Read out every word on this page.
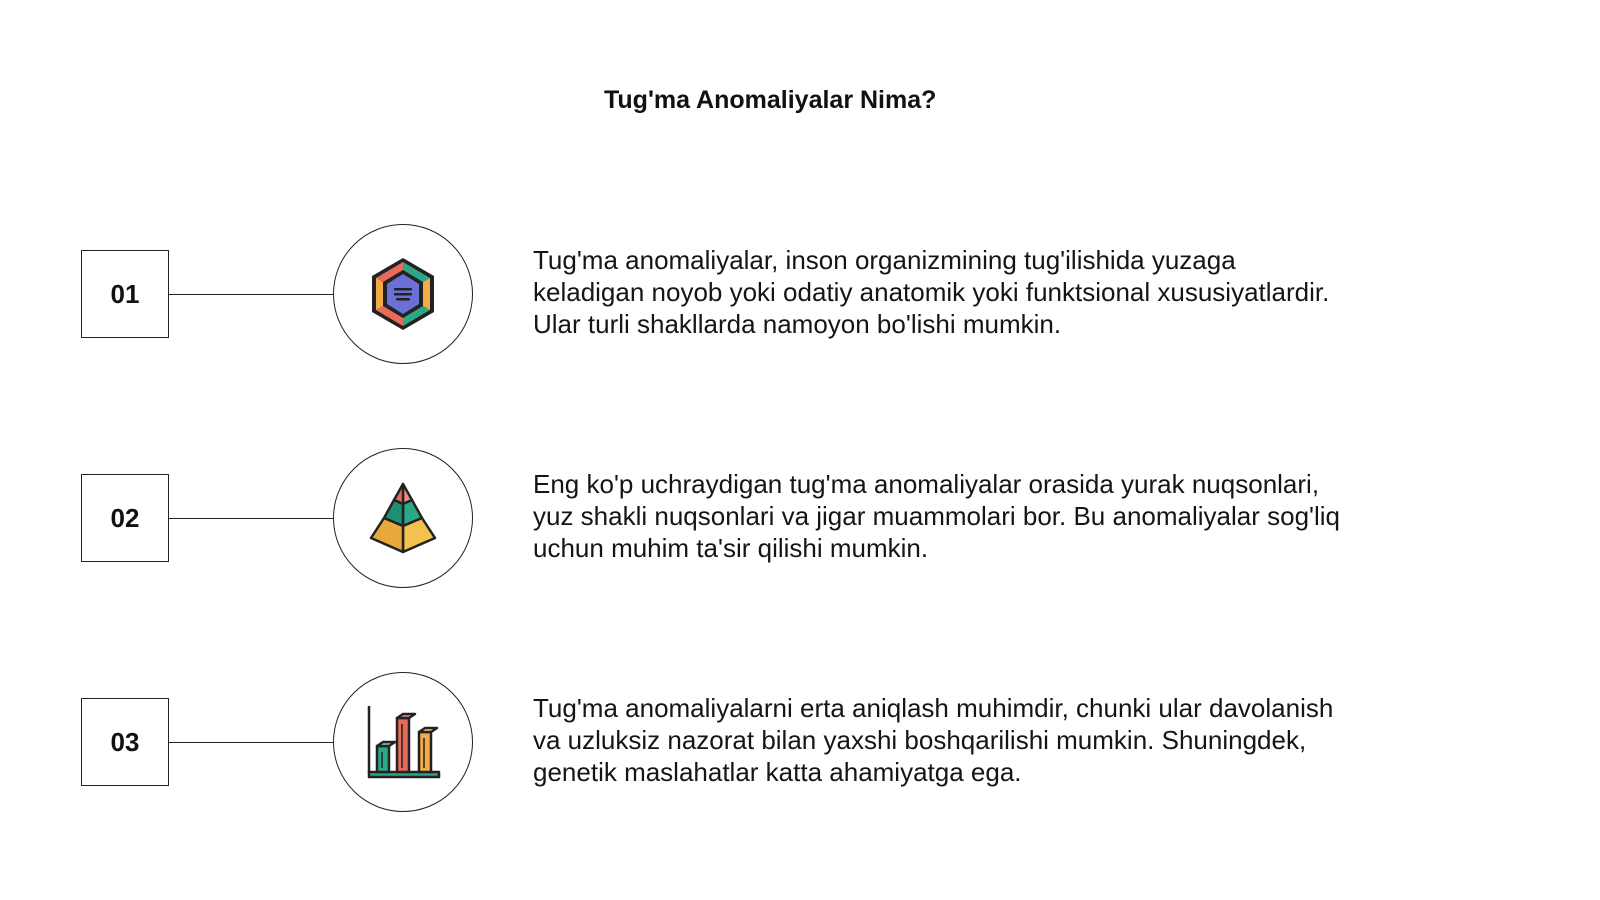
Tug'ma Anomaliyalar Nima?
01
Tug'ma anomaliyalar, inson organizmining tug'ilishida yuzaga
keladigan noyob yoki odatiy anatomik yoki funktsional xususiyatlardir.
Ular turli shakllarda namoyon bo'lishi mumkin.
02
Eng ko'p uchraydigan tug'ma anomaliyalar orasida yurak nuqsonlari,
yuz shakli nuqsonlari va jigar muammolari bor. Bu anomaliyalar sog'liq
uchun muhim ta'sir qilishi mumkin.
03
Tug'ma anomaliyalarni erta aniqlash muhimdir, chunki ular davolanish
va uzluksiz nazorat bilan yaxshi boshqarilishi mumkin. Shuningdek,
genetik maslahatlar katta ahamiyatga ega.
